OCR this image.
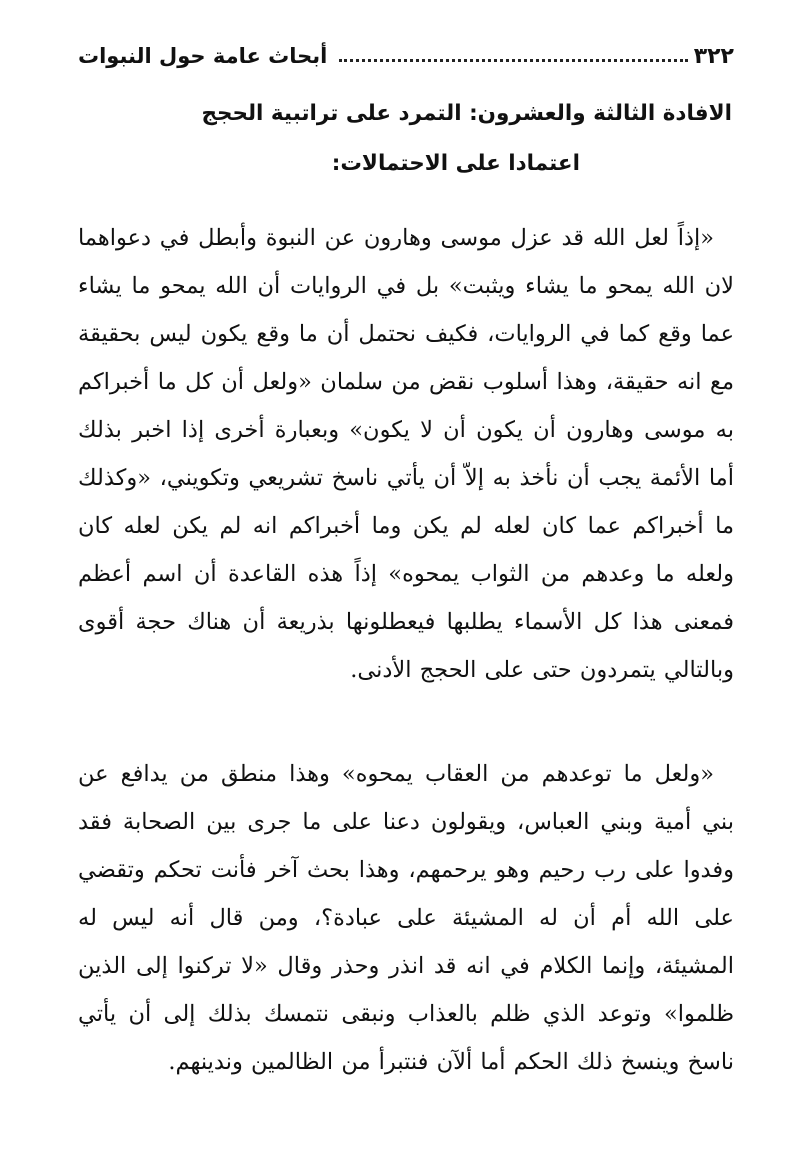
٣٢٢
أبحاث عامة حول النبوات
الافادة الثالثة والعشرون: التمرد على تراتبية الحجج
اعتمادا على الاحتمالات:

«إذاً لعل الله قد عزل موسى وهارون عن النبوة وأبطل في دعواهما لان الله يمحو ما يشاء ويثبت» بل في الروايات أن الله يمحو ما يشاء عما وقع كما في الروايات، فكيف نحتمل أن ما وقع يكون ليس بحقيقة مع انه حقيقة، وهذا أسلوب نقض من سلمان «ولعل أن كل ما أخبراكم به موسى وهارون أن يكون أن لا يكون» وبعبارة أخرى إذا اخبر بذلك أما الأئمة يجب أن نأخذ به إلاّ أن يأتي ناسخ تشريعي وتكويني، «وكذلك ما أخبراكم عما كان لعله لم يكن وما أخبراكم انه لم يكن لعله كان ولعله ما وعدهم من الثواب يمحوه» إذاً هذه القاعدة أن اسم أعظم فمعنى هذا كل الأسماء يطلبها فيعطلونها بذريعة أن هناك حجة أقوى وبالتالي يتمردون حتى على الحجج الأدنى.

«ولعل ما توعدهم من العقاب يمحوه» وهذا منطق من يدافع عن بني أمية وبني العباس، ويقولون دعنا على ما جرى بين الصحابة فقد وفدوا على رب رحيم وهو يرحمهم، وهذا بحث آخر فأنت تحكم وتقضي على الله أم أن له المشيئة على عبادة؟، ومن قال أنه ليس له المشيئة، وإنما الكلام في انه قد انذر وحذر وقال «لا تركنوا إلى الذين ظلموا» وتوعد الذي ظلم بالعذاب ونبقى نتمسك بذلك إلى أن يأتي ناسخ وينسخ ذلك الحكم أما ألآن فنتبرأ من الظالمين وندينهم.
